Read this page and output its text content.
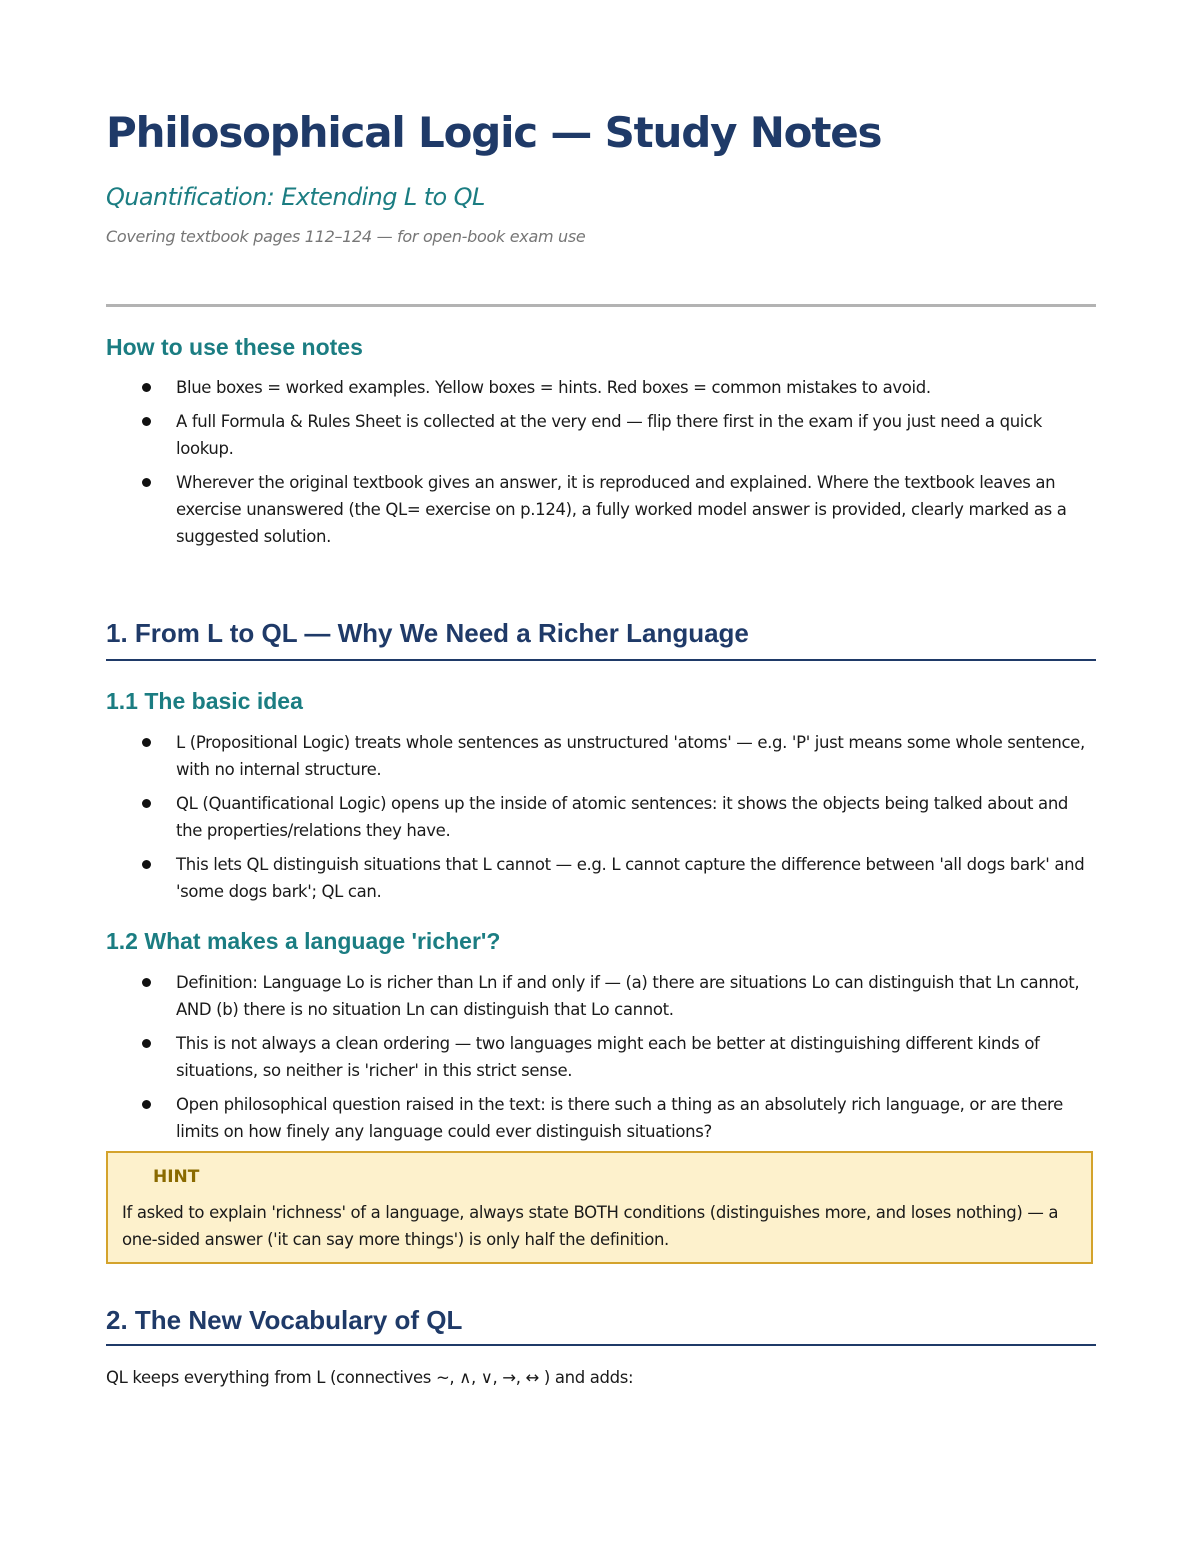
Philosophical Logic — Study Notes
Quantification: Extending L to QL
Covering textbook pages 112–124 — for open-book exam use
How to use these notes
Blue boxes = worked examples. Yellow boxes = hints. Red boxes = common mistakes to avoid.
A full Formula & Rules Sheet is collected at the very end — flip there first in the exam if you just need a quick lookup.
Wherever the original textbook gives an answer, it is reproduced and explained. Where the textbook leaves an exercise unanswered (the QL= exercise on p.124), a fully worked model answer is provided, clearly marked as a suggested solution.
1. From L to QL — Why We Need a Richer Language
1.1 The basic idea
L (Propositional Logic) treats whole sentences as unstructured 'atoms' — e.g. 'P' just means some whole sentence, with no internal structure.
QL (Quantificational Logic) opens up the inside of atomic sentences: it shows the objects being talked about and the properties/relations they have.
This lets QL distinguish situations that L cannot — e.g. L cannot capture the difference between 'all dogs bark' and 'some dogs bark'; QL can.
1.2 What makes a language 'richer'?
Definition: Language Lo is richer than Ln if and only if — (a) there are situations Lo can distinguish that Ln cannot, AND (b) there is no situation Ln can distinguish that Lo cannot.
This is not always a clean ordering — two languages might each be better at distinguishing different kinds of situations, so neither is 'richer' in this strict sense.
Open philosophical question raised in the text: is there such a thing as an absolutely rich language, or are there limits on how finely any language could ever distinguish situations?
HINT
If asked to explain 'richness' of a language, always state BOTH conditions (distinguishes more, and loses nothing) — a one-sided answer ('it can say more things') is only half the definition.
2. The New Vocabulary of QL

QL keeps everything from L (connectives ~, ∧, ∨, →, ↔ ) and adds:
